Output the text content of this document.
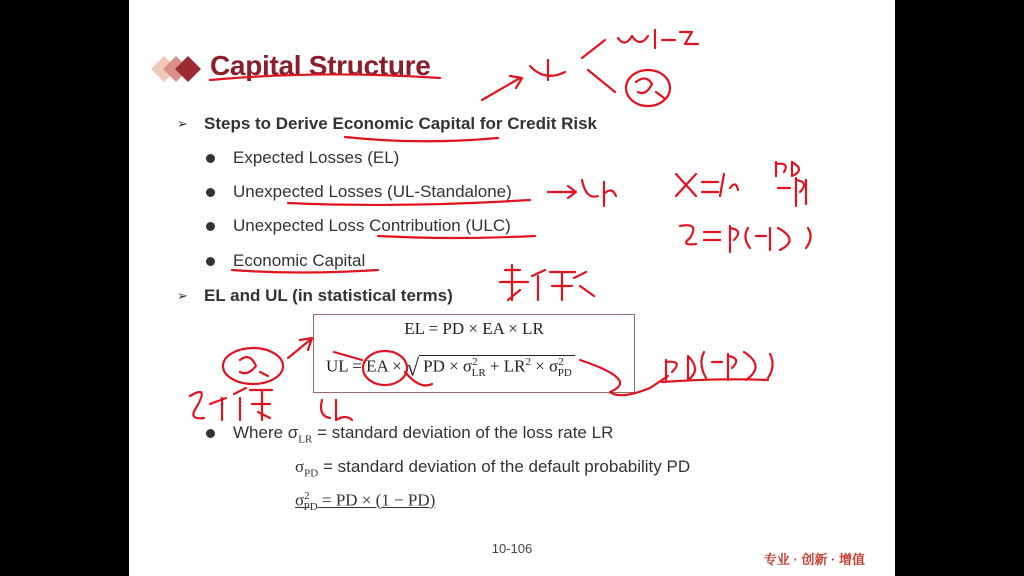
Capital Structure
➢ Steps to Derive Economic Capital for Credit Risk
Expected Losses (EL)
Unexpected Losses (UL-Standalone)
Unexpected Loss Contribution (ULC)
Economic Capital
➢ EL and UL (in statistical terms)
EL = PD × EA × LR
UL = EA × √ PD × $\sigma^2_{LR} + LR^2 \times \sigma^2_{PD}$
Where $\sigma_{LR}$ = standard deviation of the loss rate LR
$\sigma_{PD}$ = standard deviation of the default probability PD
$\sigma^2_{PD}$ = PD × (1 − PD)
10-106
专业 · 创新 · 增值
